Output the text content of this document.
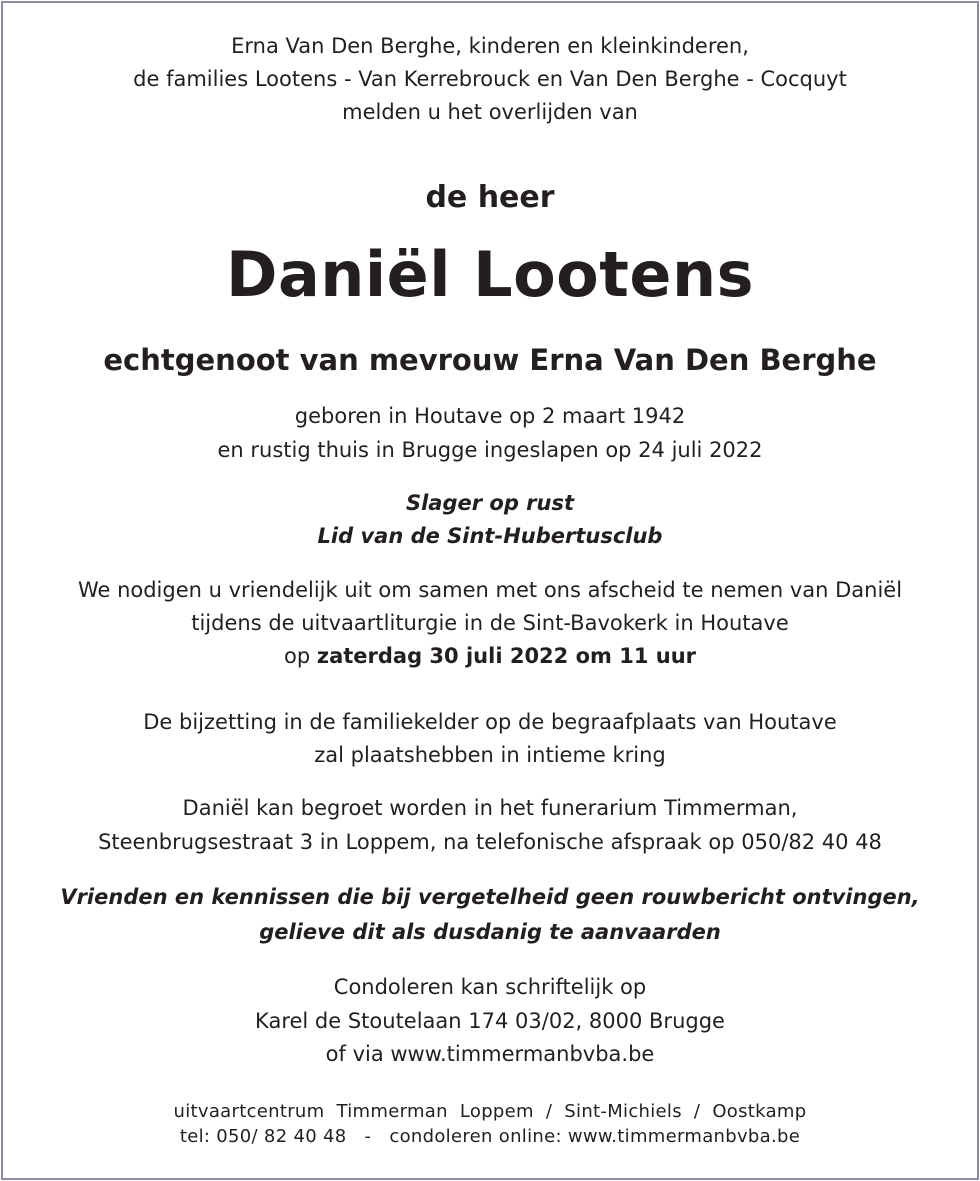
Erna Van Den Berghe, kinderen en kleinkinderen,
de families Lootens - Van Kerrebrouck en Van Den Berghe - Cocquyt
melden u het overlijden van
de heer
Daniël Lootens
echtgenoot van mevrouw Erna Van Den Berghe
geboren in Houtave op 2 maart 1942
en rustig thuis in Brugge ingeslapen op 24 juli 2022
Slager op rust
Lid van de Sint-Hubertusclub
We nodigen u vriendelijk uit om samen met ons afscheid te nemen van Daniël
tijdens de uitvaartliturgie in de Sint-Bavokerk in Houtave
op zaterdag 30 juli 2022 om 11 uur
De bijzetting in de familiekelder op de begraafplaats van Houtave
zal plaatshebben in intieme kring
Daniël kan begroet worden in het funerarium Timmerman,
Steenbrugsestraat 3 in Loppem, na telefonische afspraak op 050/82 40 48
Vrienden en kennissen die bij vergetelheid geen rouwbericht ontvingen,
gelieve dit als dusdanig te aanvaarden
Condoleren kan schriftelijk op
Karel de Stoutelaan 174 03/02, 8000 Brugge
of via www.timmermanbvba.be
uitvaartcentrum  Timmerman  Loppem  /  Sint-Michiels  /  Oostkamp
tel: 050/ 82 40 48   -   condoleren online: www.timmermanbvba.be
